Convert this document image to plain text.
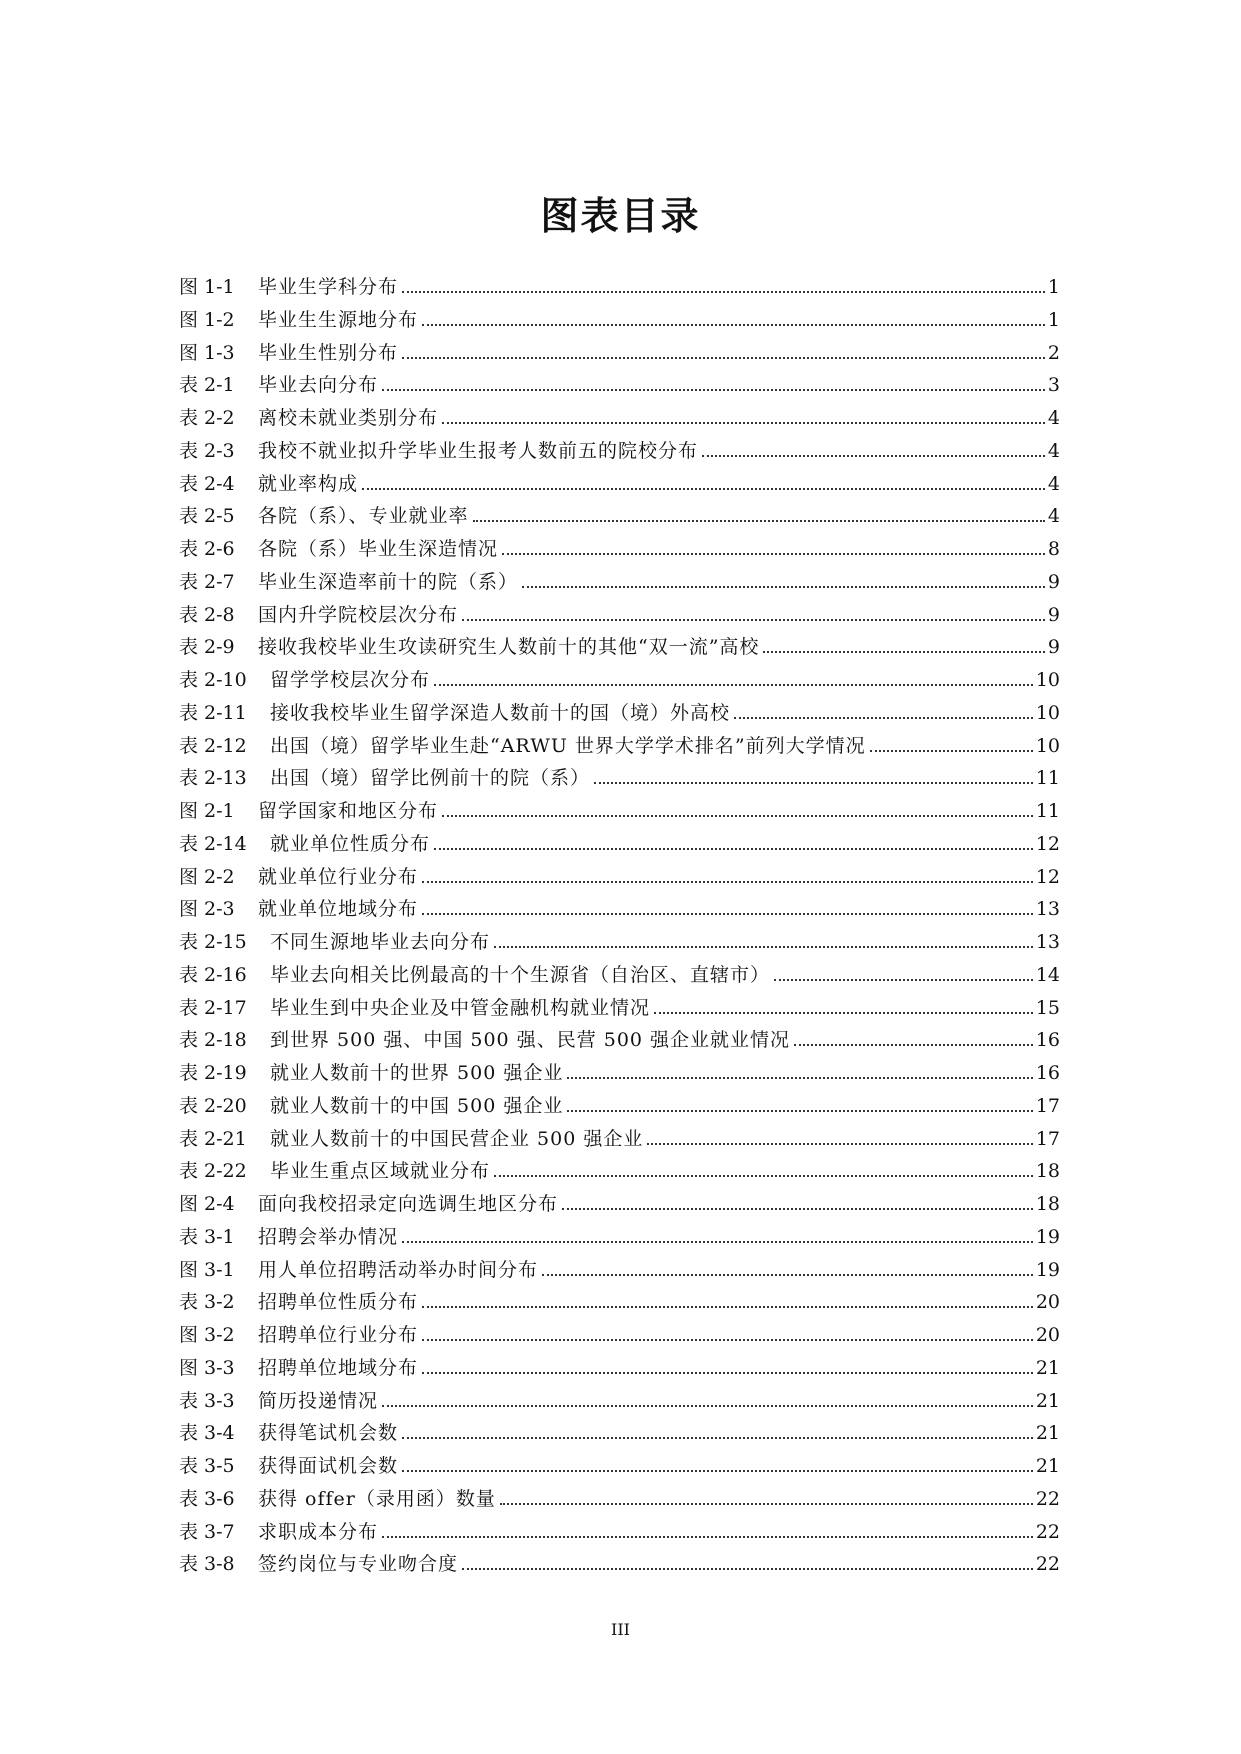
图表目录
图 1-1	毕业生学科分布	1
图 1-2	毕业生生源地分布	1
图 1-3	毕业生性别分布	2
表 2-1	毕业去向分布	3
表 2-2	离校未就业类别分布	4
表 2-3	我校不就业拟升学毕业生报考人数前五的院校分布	4
表 2-4	就业率构成	4
表 2-5	各院（系）、专业就业率	4
表 2-6	各院（系）毕业生深造情况	8
表 2-7	毕业生深造率前十的院（系）	9
表 2-8	国内升学院校层次分布	9
表 2-9	接收我校毕业生攻读研究生人数前十的其他“双一流”高校	9
表 2-10	留学学校层次分布	10
表 2-11	接收我校毕业生留学深造人数前十的国（境）外高校	10
表 2-12	出国（境）留学毕业生赴“ARWU 世界大学学术排名”前列大学情况	10
表 2-13	出国（境）留学比例前十的院（系）	11
图 2-1	留学国家和地区分布	11
表 2-14	就业单位性质分布	12
图 2-2	就业单位行业分布	12
图 2-3	就业单位地域分布	13
表 2-15	不同生源地毕业去向分布	13
表 2-16	毕业去向相关比例最高的十个生源省（自治区、直辖市）	14
表 2-17	毕业生到中央企业及中管金融机构就业情况	15
表 2-18	到世界 500 强、中国 500 强、民营 500 强企业就业情况	16
表 2-19	就业人数前十的世界 500 强企业	16
表 2-20	就业人数前十的中国 500 强企业	17
表 2-21	就业人数前十的中国民营企业 500 强企业	17
表 2-22	毕业生重点区域就业分布	18
图 2-4	面向我校招录定向选调生地区分布	18
表 3-1	招聘会举办情况	19
图 3-1	用人单位招聘活动举办时间分布	19
表 3-2	招聘单位性质分布	20
图 3-2	招聘单位行业分布	20
图 3-3	招聘单位地域分布	21
表 3-3	简历投递情况	21
表 3-4	获得笔试机会数	21
表 3-5	获得面试机会数	21
表 3-6	获得 offer（录用函）数量	22
表 3-7	求职成本分布	22
表 3-8	签约岗位与专业吻合度	22
III
